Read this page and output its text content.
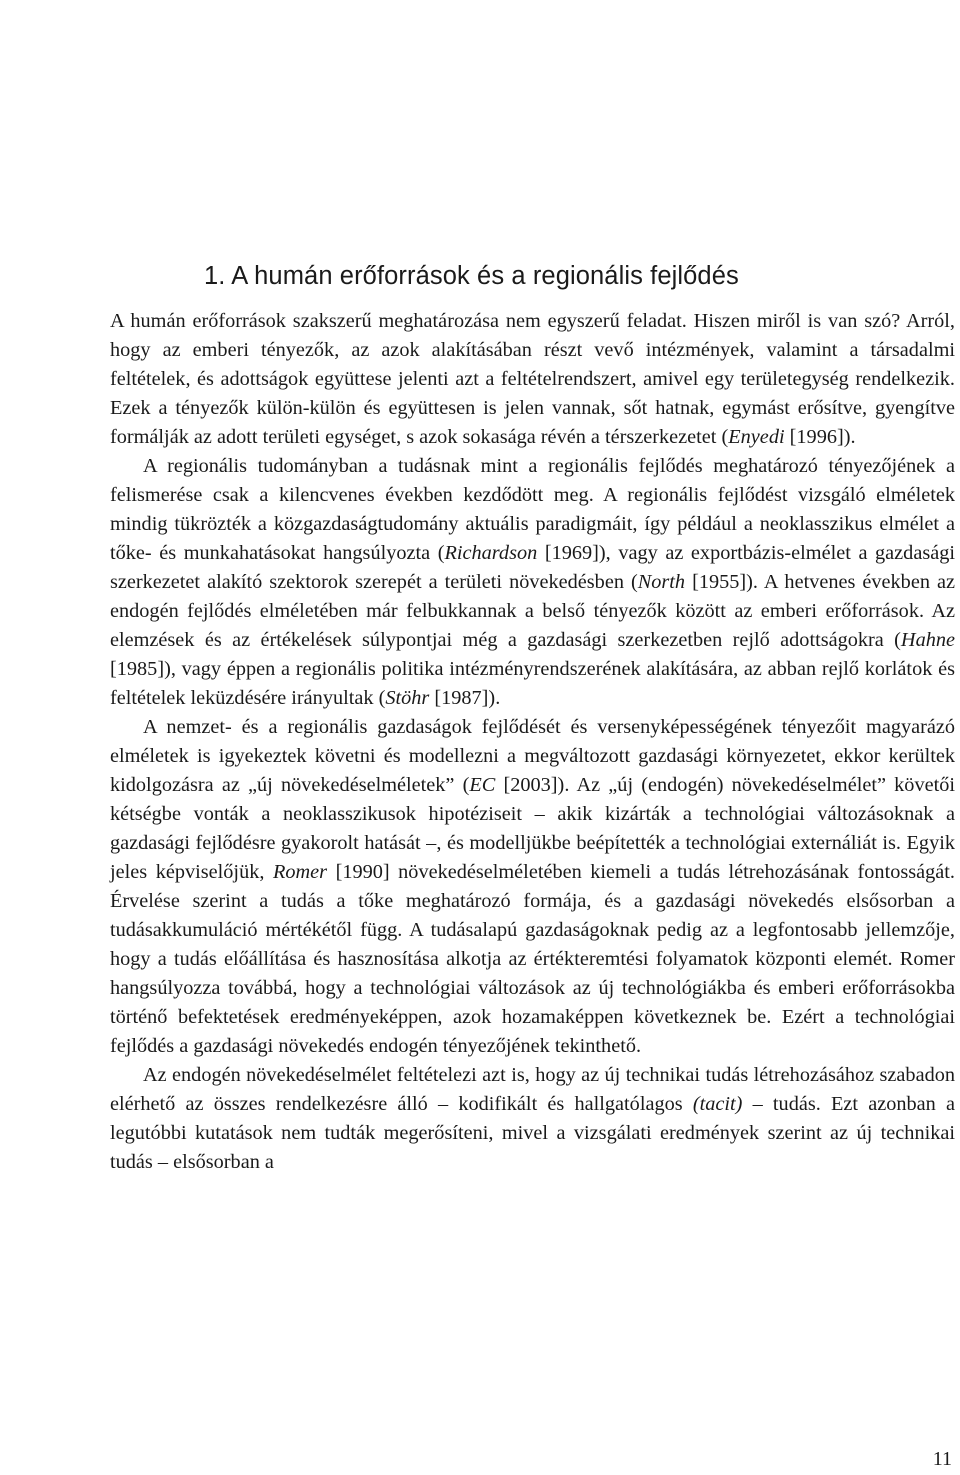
1. A humán erőforrások és a regionális fejlődés

A humán erőforrások szakszerű meghatározása nem egyszerű feladat. Hiszen miről is van szó? Arról, hogy az emberi tényezők, az azok alakításában részt vevő intézmények, valamint a társadalmi feltételek, és adottságok együttese jelenti azt a feltételrendszert, amivel egy területegység rendelkezik. Ezek a tényezők külön-külön és együttesen is jelen vannak, sőt hatnak, egymást erősítve, gyengítve formálják az adott területi egységet, s azok sokasága révén a térszerkezetet (Enyedi [1996]).

A regionális tudományban a tudásnak mint a regionális fejlődés meghatározó tényezőjének a felismerése csak a kilencvenes években kezdődött meg. A regionális fejlődést vizsgáló elméletek mindig tükrözték a közgazdaságtudomány aktuális paradigmáit, így például a neoklasszikus elmélet a tőke- és munkahatásokat hangsúlyozta (Richardson [1969]), vagy az exportbázis-elmélet a gazdasági szerkezetet alakító szektorok szerepét a területi növekedésben (North [1955]). A hetvenes években az endogén fejlődés elméletében már felbukkannak a belső tényezők között az emberi erőforrások. Az elemzések és az értékelések súlypontjai még a gazdasági szerkezetben rejlő adottságokra (Hahne [1985]), vagy éppen a regionális politika intézményrendszerének alakítására, az abban rejlő korlátok és feltételek leküzdésére irányultak (Stöhr [1987]).

A nemzet- és a regionális gazdaságok fejlődését és versenyképességének tényezőit magyarázó elméletek is igyekeztek követni és modellezni a megváltozott gazdasági környezetet, ekkor kerültek kidolgozásra az „új növekedéselméletek” (EC [2003]). Az „új (endogén) növekedéselmélet” követői kétségbe vonták a neoklasszikusok hipotéziseit – akik kizárták a technológiai változásoknak a gazdasági fejlődésre gyakorolt hatását –, és modelljükbe beépítették a technológiai externáliát is. Egyik jeles képviselőjük, Romer [1990] növekedéselméletében kiemeli a tudás létrehozásának fontosságát. Érvelése szerint a tudás a tőke meghatározó formája, és a gazdasági növekedés elsősorban a tudásakkumuláció mértékétől függ. A tudásalapú gazdaságoknak pedig az a legfontosabb jellemzője, hogy a tudás előállítása és hasznosítása alkotja az értékteremtési folyamatok központi elemét. Romer hangsúlyozza továbbá, hogy a technológiai változások az új technológiákba és emberi erőforrásokba történő befektetések eredményeképpen, azok hozamaképpen következnek be. Ezért a technológiai fejlődés a gazdasági növekedés endogén tényezőjének tekinthető.

Az endogén növekedéselmélet feltételezi azt is, hogy az új technikai tudás létrehozásához szabadon elérhető az összes rendelkezésre álló – kodifikált és hallgatólagos (tacit) – tudás. Ezt azonban a legutóbbi kutatások nem tudták megerősíteni, mivel a vizsgálati eredmények szerint az új technikai tudás – elsősorban a

11
